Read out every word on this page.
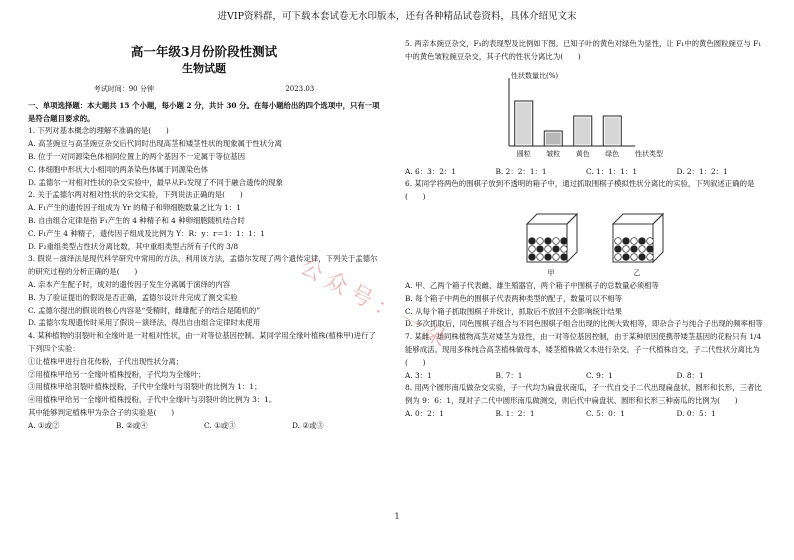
进VIP资料群，可下载本套试卷无水印版本，还有各种精品试卷资料，具体介绍见文末
高一年级3月份阶段性测试
生物试题
考试时间：90 分钟	2023.03
一、单项选择题：本大题共 15 个小题，每小题 2 分，共计 30 分。在每小题给出的四个选项中，只有一项是符合题目要求的。
1. 下列对基本概念的理解不准确的是(　　)
A. 高茎豌豆与高茎豌豆杂交后代同时出现高茎和矮茎性状的现象属于性状分离
B. 位于一对同源染色体相同位置上的两个基因不一定属于等位基因
C. 体细胞中形状大小相同的两条染色体属于同源染色体
D. 孟德尔一对相对性状的杂交实验中，最早从F₂发现了不同于融合遗传的现象
2. 关于孟德尔两对相对性状的杂交实验，下列说法正确的是(　　)
A. F₁产生的遗传因子组成为 Yr 的精子和卵细胞数量之比为 1：1
B. 自由组合定律是指 F₁产生的 4 种精子和 4 种卵细胞随机结合时
C. F₁产生 4 种精子，遗传因子组成及比例为 Y：R：y：r＝1：1：1：1
D. F₂重组类型占性状分离比数，其中重组类型占所有子代的 3/8
3. 假说－演绎法是现代科学研究中常用的方法，利用该方法，孟德尔发现了两个遗传定律，下列关于孟德尔的研究过程的分析正确的是(　　)
A. 亲本产生配子时，成对的遗传因子发生分离属于演绎的内容
B. 为了验证提出的假说是否正确，孟德尔设计并完成了测交实验
C. 孟德尔提出的假说的核心内容是“受精时，雌雄配子的结合是随机的”
D. 孟德尔发现遗传时采用了假说－演绎法，得出自由组合定律时未使用
4. 某种植物的羽裂叶和全缘叶是一对相对性状，由一对等位基因控制。某同学用全缘叶植株(植株甲)进行了下列四个实验：
①让植株甲进行自花传粉，子代出现性状分离；
②用植株甲给另一全缘叶植株授粉，子代均为全缘叶；
③用植株甲给羽裂叶植株授粉，子代中全缘叶与羽裂叶的比例为 1：1；
④用植株甲给另一全缘叶植株授粉，子代中全缘叶与羽裂叶的比例为 3：1。
其中能够判定植株甲为杂合子的实验是(　　)
A. ①或②	B. ②或④	C. ①或③	D. ②或③
5. 两亲本豌豆杂交，F₁的表现型及比例如下图。已知子叶的黄色对绿色为显性，让 F₁中的黄色圆粒豌豆与 F₁中的黄色皱粒豌豆杂交，其子代的性状分离比为(　　)
性状数量比(%)
圆粒 皱粒 黄色 绿色 性状类型
A. 6：3：2：1	B. 2：2：1：1	C. 1：1：1：1	D. 2：1：2：1
6. 某同学将两色的围棋子放到不透明的箱子中，通过抓取围棋子模拟性状分离比的实验，下列叙述正确的是(　　)
甲	乙
A. 甲、乙两个箱子代表雌、雄生殖器官，两个箱子中围棋子的总数量必须相等
B. 每个箱子中两色的围棋子代表两种类型的配子，数量可以不相等
C. 从每个箱子抓取围棋子并统计，抓取后不放回不会影响统计结果
D. 多次抓取后，同色围棋子组合与不同色围棋子组合出现的比例大致相等，即杂合子与纯合子出现的频率相等
7. 某雌、雄同株植物高茎对矮茎为显性，由一对等位基因控制，由于某种原因使携带矮茎基因的花粉只有 1/4 能够成活。现用多株纯合高茎植株做母本，矮茎植株做父本进行杂交，子一代植株自交，子二代性状分离比为(　　)
A. 3：1	B. 7：1	C. 9：1	D. 8：1
8. 用两个圆形南瓜做杂交实验，子一代均为扁盘状南瓜，子一代自交子二代出现扁盘状、圆形和长形，三者比例为 9：6：1，现对子二代中圆形南瓜做测交，则后代中扁盘状、圆形和长形三种南瓜的比例为(　　)
A. 0：2：1	B. 1：2：1	C. 5：0：1	D. 0：5：1
公众号：一朵
1
